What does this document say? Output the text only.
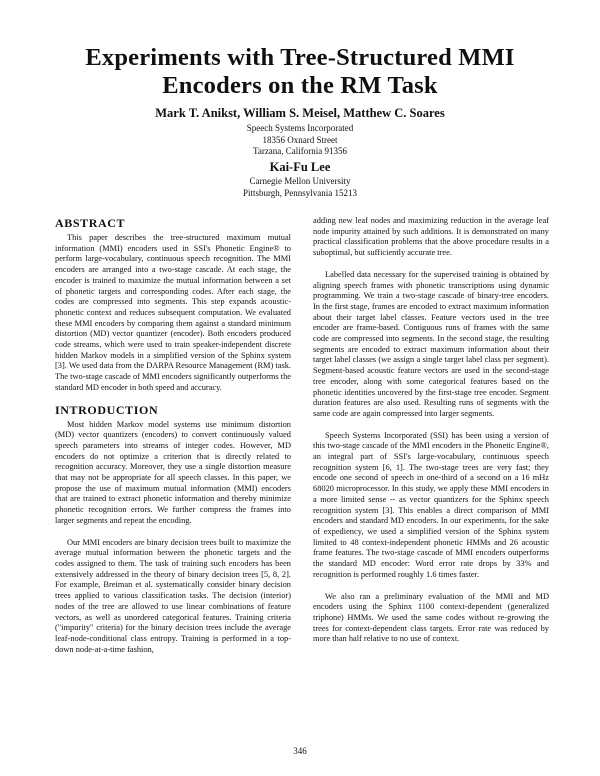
Experiments with Tree-Structured MMI Encoders on the RM Task
Mark T. Anikst, William S. Meisel, Matthew C. Soares
Speech Systems Incorporated
18356 Oxnard Street
Tarzana, California 91356
Kai-Fu Lee
Carnegie Mellon University
Pittsburgh, Pennsylvania 15213
ABSTRACT

This paper describes the tree-structured maximum mutual information (MMI) encoders used in SSI's Phonetic Engine® to perform large-vocabulary, continuous speech recognition. The MMI encoders are arranged into a two-stage cascade. At each stage, the encoder is trained to maximize the mutual information between a set of phonetic targets and corresponding codes. After each stage, the codes are compressed into segments. This step expands acoustic-phonetic context and reduces subsequent computation. We evaluated these MMI encoders by comparing them against a standard minimum distortion (MD) vector quantizer (encoder). Both encoders produced code streams, which were used to train speaker-independent discrete hidden Markov models in a simplified version of the Sphinx system [3]. We used data from the DARPA Resource Management (RM) task. The two-stage cascade of MMI encoders significantly outperforms the standard MD encoder in both speed and accuracy.

INTRODUCTION

Most hidden Markov model systems use minimum distortion (MD) vector quantizers (encoders) to convert continuously valued speech parameters into streams of integer codes. However, MD encoders do not optimize a criterion that is directly related to recognition accuracy. Moreover, they use a single distortion measure that may not be appropriate for all speech classes. In this paper, we propose the use of maximum mutual information (MMI) encoders that are trained to extract phonetic information and thereby minimize phonetic recognition errors. We further compress the frames into larger segments and repeat the encoding.

Our MMI encoders are binary decision trees built to maximize the average mutual information between the phonetic targets and the codes assigned to them. The task of training such encoders has been extensively addressed in the theory of binary decision trees [5, 8, 2]. For example, Breiman et al. systematically consider binary decision trees applied to various classification tasks. The decision (interior) nodes of the tree are allowed to use linear combinations of feature vectors, as well as unordered categorical features. Training criteria ("impurity" criteria) for the binary decision trees include the average leaf-node-conditional class entropy. Training is performed in a top-down node-at-a-time fashion,

adding new leaf nodes and maximizing reduction in the average leaf node impurity attained by such additions. It is demonstrated on many practical classification problems that the above procedure results in a suboptimal, but sufficiently accurate tree.

Labelled data necessary for the supervised training is obtained by aligning speech frames with phonetic transcriptions using dynamic programming. We train a two-stage cascade of binary-tree encoders. In the first stage, frames are encoded to extract maximum information about their target label classes. Feature vectors used in the tree encoder are frame-based. Contiguous runs of frames with the same code are compressed into segments. In the second stage, the resulting segments are encoded to extract maximum information about their target label classes (we assign a single target label class per segment). Segment-based acoustic feature vectors are used in the second-stage tree encoder, along with some categorical features based on the phonetic identities uncovered by the first-stage tree encoder. Segment duration features are also used. Resulting runs of segments with the same code are again compressed into larger segments.

Speech Systems Incorporated (SSI) has been using a version of this two-stage cascade of the MMI encoders in the Phonetic Engine®, an integral part of SSI's large-vocabulary, continuous speech recognition system [6, 1]. The two-stage trees are very fast; they encode one second of speech in one-third of a second on a 16 mHz 68020 microprocessor. In this study, we apply these MMI encoders in a more limited sense -- as vector quantizers for the Sphinx speech recognition system [3]. This enables a direct comparison of MMI encoders and standard MD encoders. In our experiments, for the sake of expediency, we used a simplified version of the Sphinx system limited to 48 context-independent phonetic HMMs and 26 acoustic frame features. The two-stage cascade of MMI encoders outperforms the standard MD encoder: Word error rate drops by 33% and recognition is performed roughly 1.6 times faster.

We also ran a preliminary evaluation of the MMI and MD encoders using the Sphinx 1100 context-dependent (generalized triphone) HMMs. We used the same codes without re-growing the trees for context-dependent class targets. Error rate was reduced by more than half relative to no use of context.

346
